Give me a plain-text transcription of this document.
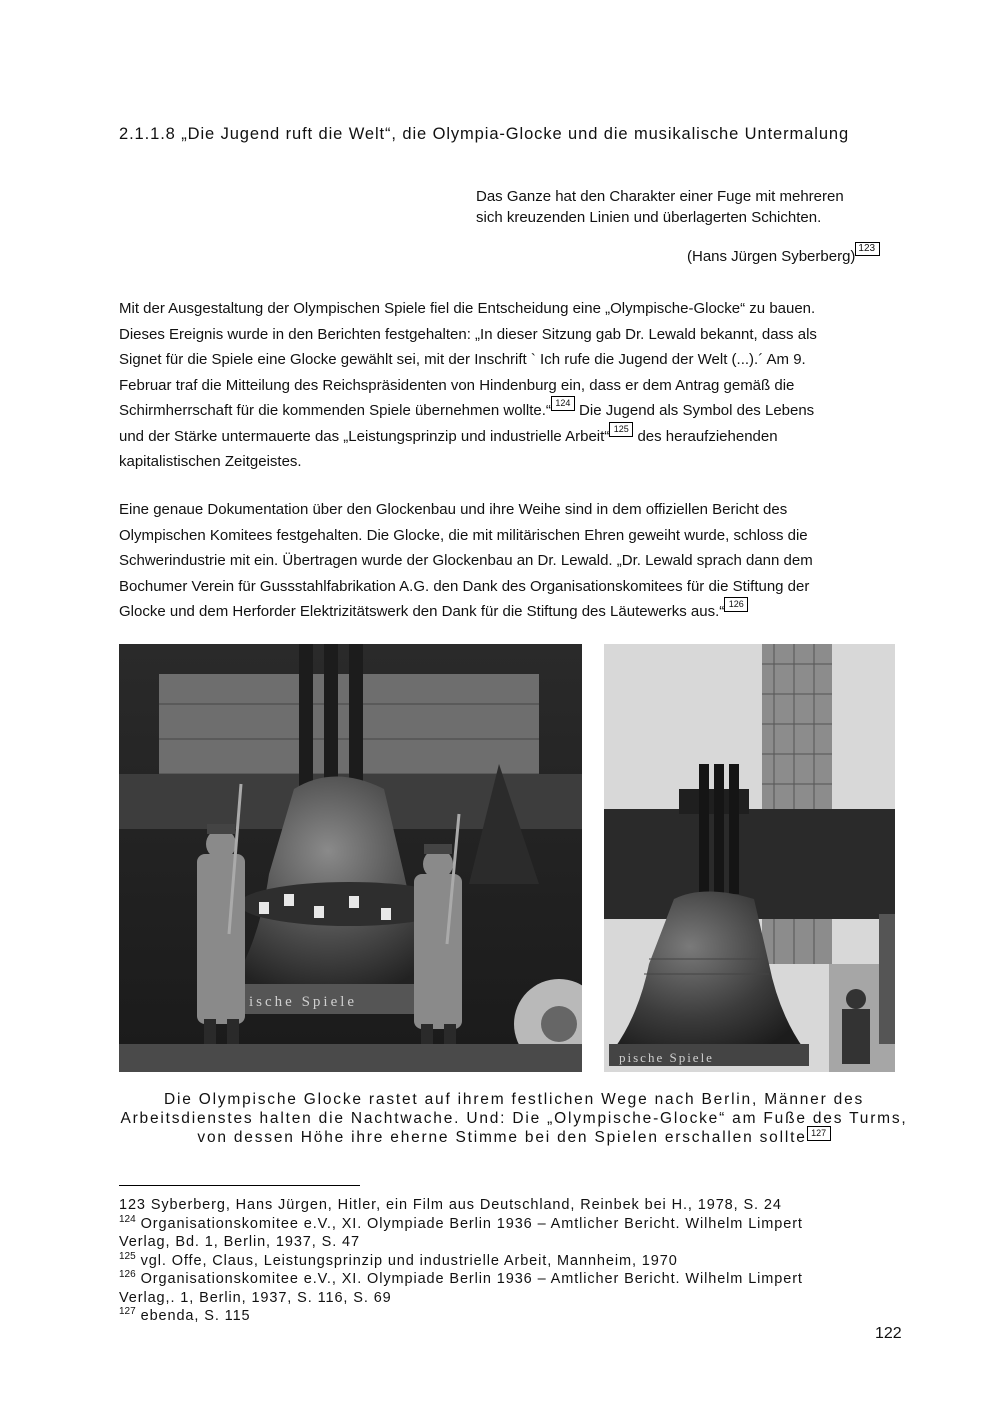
2.1.1.8 „Die Jugend ruft die Welt“, die Olympia-Glocke und die musikalische Untermalung
Das Ganze hat den Charakter einer Fuge mit mehreren
sich kreuzenden Linien und überlagerten Schichten.
(Hans Jürgen Syberberg) 123
Mit der Ausgestaltung der Olympischen Spiele fiel die Entscheidung eine „Olympische-Glocke“ zu bauen.
Dieses Ereignis wurde in den Berichten festgehalten: „In dieser Sitzung gab Dr. Lewald bekannt, dass als
Signet für die Spiele eine Glocke gewählt sei, mit der Inschrift ` Ich rufe die Jugend der Welt (...).´ Am 9.
Februar traf die Mitteilung des Reichspräsidenten von Hindenburg ein, dass er dem Antrag gemäß die
Schirmherrschaft für die kommenden Spiele übernehmen wollte.“ 124 Die Jugend als Symbol des Lebens
und der Stärke untermauerte das „Leistungsprinzip und industrielle Arbeit“ 125 des heraufziehenden
kapitalistischen Zeitgeistes.
Eine genaue Dokumentation über den Glockenbau und ihre Weihe sind in dem offiziellen Bericht des
Olympischen Komitees festgehalten. Die Glocke, die mit militärischen Ehren geweiht wurde, schloss die
Schwerindustrie mit ein. Übertragen wurde der Glockenbau an Dr. Lewald. „Dr. Lewald sprach dann dem
Bochumer Verein für Gussstahlfabrikation A.G. den Dank des Organisationskomitees für die Stiftung der
Glocke und dem Herforder Elektrizitätswerk den Dank für die Stiftung des Läutewerks aus.“ 126
ische Spiele
pische Spiele
Die Olympische Glocke rastet auf ihrem festlichen Wege nach Berlin, Männer des
Arbeitsdienstes halten die Nachtwache. Und: Die „Olympische-Glocke“ am Fuße des Turms,
von dessen Höhe ihre eherne Stimme bei den Spielen erschallen sollte 127
123 Syberberg, Hans Jürgen, Hitler, ein Film aus Deutschland, Reinbek bei H., 1978, S. 24
$^{124}$ Organisationskomitee e.V., XI. Olympiade Berlin 1936 – Amtlicher Bericht. Wilhelm Limpert
Verlag, Bd. 1, Berlin, 1937, S. 47
$^{125}$ vgl. Offe, Claus, Leistungsprinzip und industrielle Arbeit, Mannheim, 1970
$^{126}$ Organisationskomitee e.V., XI. Olympiade Berlin 1936 – Amtlicher Bericht. Wilhelm Limpert
Verlag,. 1, Berlin, 1937, S. 116, S. 69
$^{127}$ ebenda, S. 115
122
